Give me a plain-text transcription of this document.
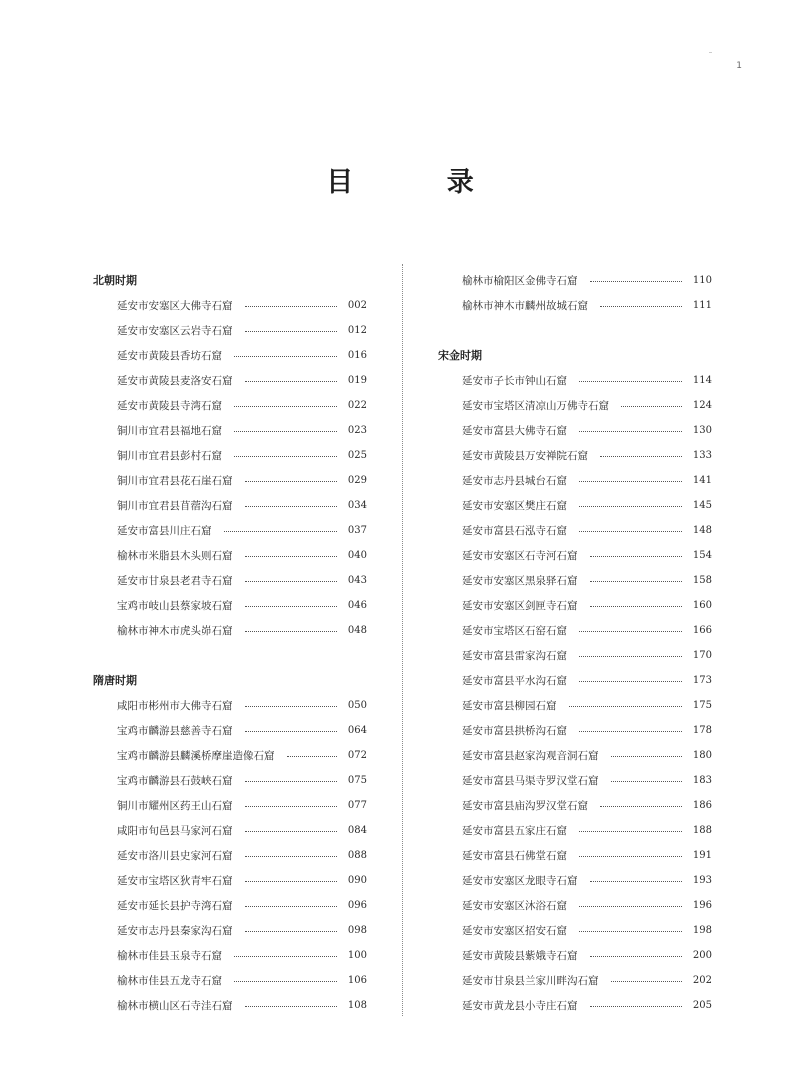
1
目 录
北朝时期
延安市安塞区大佛寺石窟	002
延安市安塞区云岩寺石窟	012
延安市黄陵县香坊石窟	016
延安市黄陵县麦洛安石窟	019
延安市黄陵县寺湾石窟	022
铜川市宜君县福地石窟	023
铜川市宜君县彭村石窟	025
铜川市宜君县花石崖石窟	029
铜川市宜君县苜蓿沟石窟	034
延安市富县川庄石窟	037
榆林市米脂县木头则石窟	040
延安市甘泉县老君寺石窟	043
宝鸡市岐山县蔡家坡石窟	046
榆林市神木市虎头峁石窟	048
隋唐时期
咸阳市彬州市大佛寺石窟	050
宝鸡市麟游县慈善寺石窟	064
宝鸡市麟游县麟溪桥摩崖造像石窟	072
宝鸡市麟游县石鼓峡石窟	075
铜川市耀州区药王山石窟	077
咸阳市旬邑县马家河石窟	084
延安市洛川县史家河石窟	088
延安市宝塔区狄青牢石窟	090
延安市延长县护寺湾石窟	096
延安市志丹县秦家沟石窟	098
榆林市佳县玉泉寺石窟	100
榆林市佳县五龙寺石窟	106
榆林市横山区石寺洼石窟	108
榆林市榆阳区金佛寺石窟	110
榆林市神木市麟州故城石窟	111
宋金时期
延安市子长市钟山石窟	114
延安市宝塔区清凉山万佛寺石窟	124
延安市富县大佛寺石窟	130
延安市黄陵县万安禅院石窟	133
延安市志丹县城台石窟	141
延安市安塞区樊庄石窟	145
延安市富县石泓寺石窟	148
延安市安塞区石寺河石窟	154
延安市安塞区黑泉驿石窟	158
延安市安塞区剑匣寺石窟	160
延安市宝塔区石窑石窟	166
延安市富县雷家沟石窟	170
延安市富县平水沟石窟	173
延安市富县柳园石窟	175
延安市富县拱桥沟石窟	178
延安市富县赵家沟观音洞石窟	180
延安市富县马渠寺罗汉堂石窟	183
延安市富县庙沟罗汉堂石窟	186
延安市富县五家庄石窟	188
延安市富县石佛堂石窟	191
延安市安塞区龙眼寺石窟	193
延安市安塞区沐浴石窟	196
延安市安塞区招安石窟	198
延安市黄陵县紫娥寺石窟	200
延安市甘泉县兰家川畔沟石窟	202
延安市黄龙县小寺庄石窟	205
